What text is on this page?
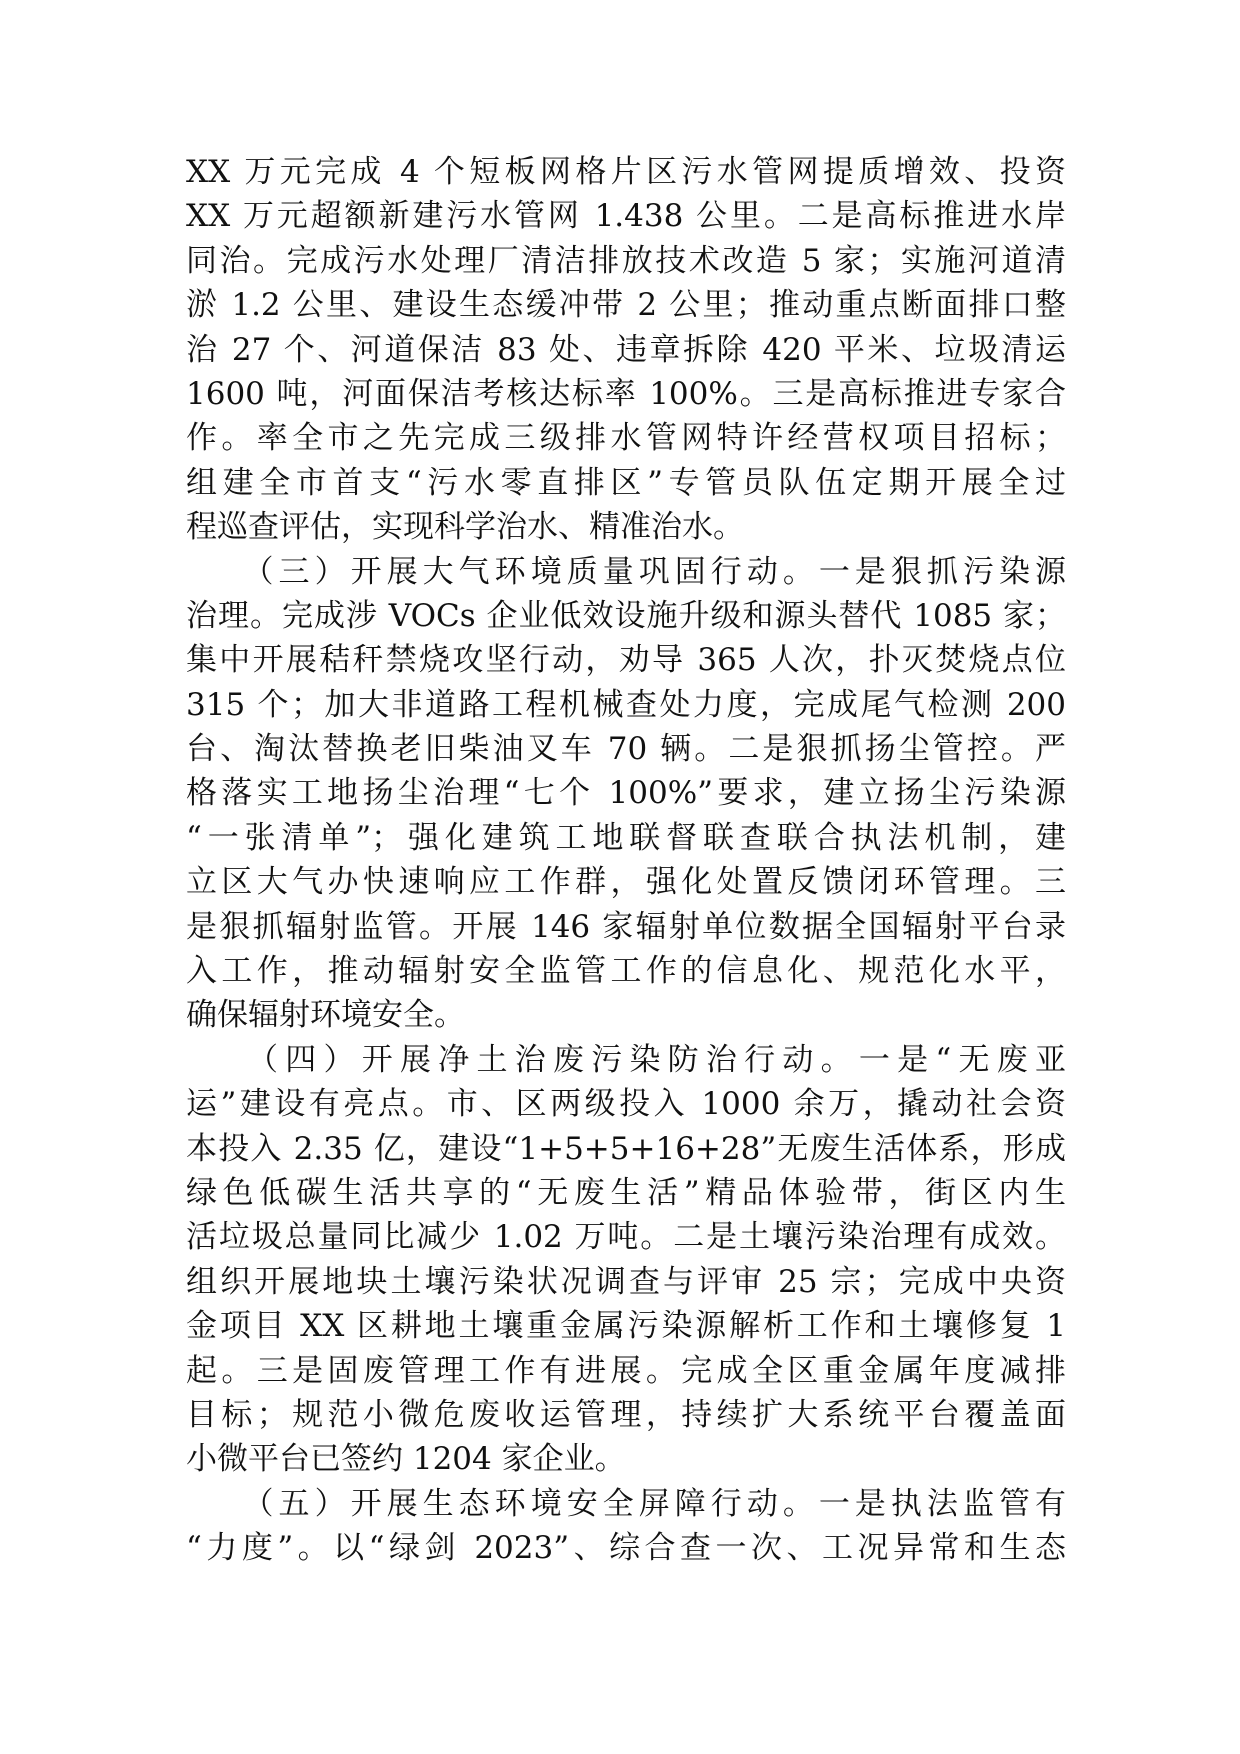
XX 万元完成 4 个短板网格片区污水管网提质增效、投资
XX 万元超额新建污水管网 1.438 公里。二是高标推进水岸
同治。完成污水处理厂清洁排放技术改造 5 家；实施河道清
淤 1.2 公里、建设生态缓冲带 2 公里；推动重点断面排口整
治 27 个、河道保洁 83 处、违章拆除 420 平米、垃圾清运
1600 吨，河面保洁考核达标率 100%。三是高标推进专家合
作。率全市之先完成三级排水管网特许经营权项目招标；
组建全市首支“污水零直排区”专管员队伍定期开展全过
程巡查评估，实现科学治水、精准治水。
　　（三）开展大气环境质量巩固行动。一是狠抓污染源
治理。完成涉 VOCs 企业低效设施升级和源头替代 1085 家；
集中开展秸秆禁烧攻坚行动，劝导 365 人次，扑灭焚烧点位
315 个；加大非道路工程机械查处力度，完成尾气检测 200
台、淘汰替换老旧柴油叉车 70 辆。二是狠抓扬尘管控。严
格落实工地扬尘治理“七个 100%”要求，建立扬尘污染源
“一张清单”；强化建筑工地联督联查联合执法机制，建
立区大气办快速响应工作群，强化处置反馈闭环管理。三
是狠抓辐射监管。开展 146 家辐射单位数据全国辐射平台录
入工作，推动辐射安全监管工作的信息化、规范化水平，
确保辐射环境安全。
　　（四）开展净土治废污染防治行动。一是“无废亚
运”建设有亮点。市、区两级投入 1000 余万，撬动社会资
本投入 2.35 亿，建设“1+5+5+16+28”无废生活体系，形成
绿色低碳生活共享的“无废生活”精品体验带，街区内生
活垃圾总量同比减少 1.02 万吨。二是土壤污染治理有成效。
组织开展地块土壤污染状况调查与评审 25 宗；完成中央资
金项目 XX 区耕地土壤重金属污染源解析工作和土壤修复 1
起。三是固废管理工作有进展。完成全区重金属年度减排
目标；规范小微危废收运管理，持续扩大系统平台覆盖面
小微平台已签约 1204 家企业。
　　（五）开展生态环境安全屏障行动。一是执法监管有
“力度”。以“绿剑 2023”、综合查一次、工况异常和生态
